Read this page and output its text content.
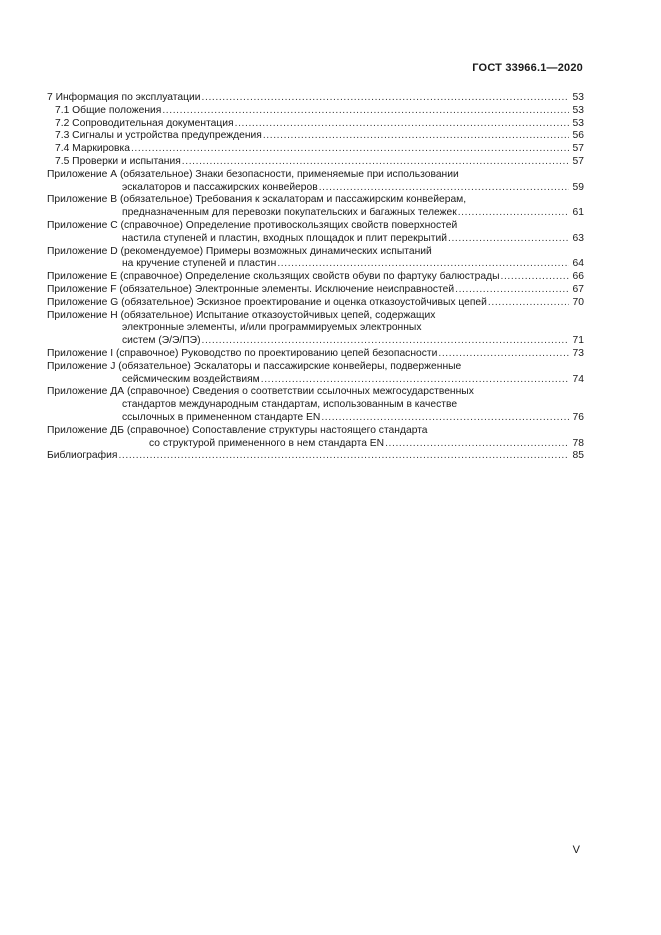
ГОСТ 33966.1—2020
7 Информация по эксплуатации .....	53
7.1 Общие положения .....	53
7.2 Сопроводительная документация .....	53
7.3 Сигналы и устройства предупреждения .....	56
7.4 Маркировка .....	57
7.5 Проверки и испытания .....	57
Приложение А (обязательное) Знаки безопасности, применяемые при использовании
эскалаторов и пассажирских конвейеров .....	59
Приложение В (обязательное) Требования к эскалаторам и пассажирским конвейерам,
предназначенным для перевозки покупательских и багажных тележек .....	61
Приложение С (справочное) Определение противоскользящих свойств поверхностей
настила ступеней и пластин, входных площадок и плит перекрытий .....	63
Приложение D (рекомендуемое) Примеры возможных динамических испытаний
на кручение ступеней и пластин .....	64
Приложение Е (справочное) Определение скользящих свойств обуви по фартуку балюстрады .....	66
Приложение F (обязательное) Электронные элементы. Исключение неисправностей .....	67
Приложение G (обязательное) Эскизное проектирование и оценка отказоустойчивых цепей .....	70
Приложение Н (обязательное) Испытание отказоустойчивых цепей, содержащих
электронные элементы, и/или программируемых электронных
систем (Э/Э/ПЭ) .....	71
Приложение I (справочное) Руководство по проектированию цепей безопасности .....	73
Приложение J (обязательное) Эскалаторы и пассажирские конвейеры, подверженные
сейсмическим воздействиям .....	74
Приложение ДА (справочное) Сведения о соответствии ссылочных межгосударственных
стандартов международным стандартам, использованным в качестве
ссылочных в примененном стандарте EN .....	76
Приложение ДБ (справочное) Сопоставление структуры настоящего стандарта
со структурой примененного в нем стандарта EN .....	78
Библиография .....	85
V
